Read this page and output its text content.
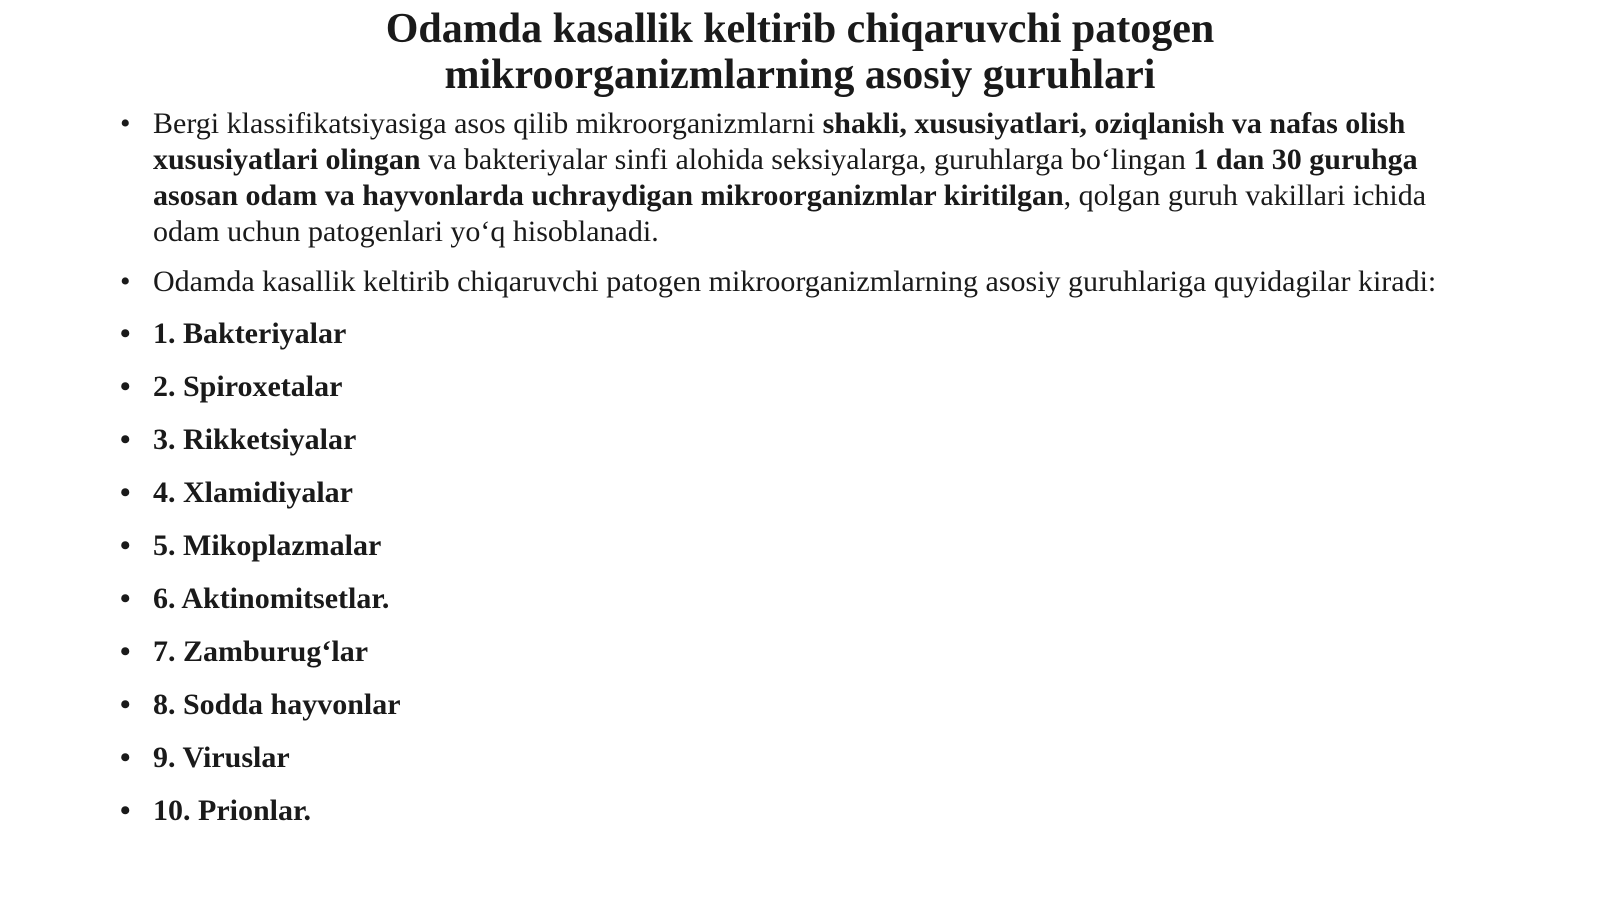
Odamda kasallik keltirib chiqaruvchi patogen
mikroorganizmlarning asosiy guruhlari
• Bergi klassifikatsiyasiga asos qilib mikroorganizmlarni shakli, xususiyatlari, oziqlanish va nafas olish xususiyatlari olingan va bakteriyalar sinfi alohida seksiyalarga, guruhlarga bo‘lingan 1 dan 30 guruhga asosan odam va hayvonlarda uchraydigan mikroorganizmlar kiritilgan, qolgan guruh vakillari ichida odam uchun patogenlari yo‘q hisoblanadi.
• Odamda kasallik keltirib chiqaruvchi patogen mikroorganizmlarning asosiy guruhlariga quyidagilar kiradi:
• 1. Bakteriyalar
• 2. Spiroxetalar
• 3. Rikketsiyalar
• 4. Xlamidiyalar
• 5. Mikoplazmalar
• 6. Aktinomitsetlar.
• 7. Zamburug‘lar
• 8. Sodda hayvonlar
• 9. Viruslar
• 10. Prionlar.
